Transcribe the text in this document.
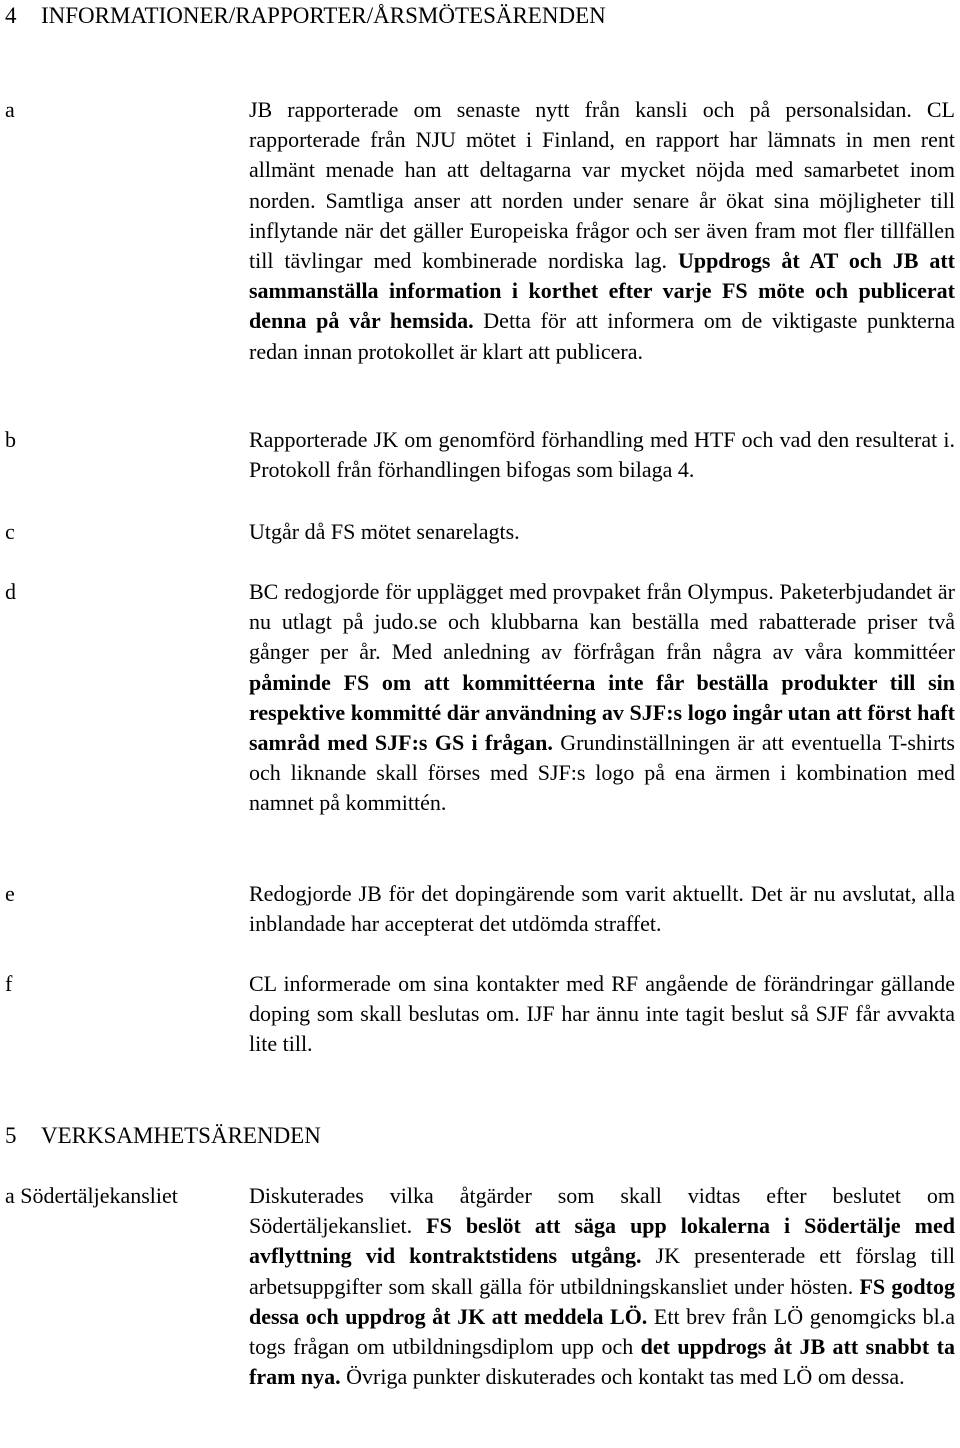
4 INFORMATIONER/RAPPORTER/ÅRSMÖTESÄRENDEN
a	JB rapporterade om senaste nytt från kansli och på personalsidan. CL rapporterade från NJU mötet i Finland, en rapport har lämnats in men rent allmänt menade han att deltagarna var mycket nöjda med samarbetet inom norden. Samtliga anser att norden under senare år ökat sina möjligheter till inflytande när det gäller Europeiska frågor och ser även fram mot fler tillfällen till tävlingar med kombinerade nordiska lag. Uppdrogs åt AT och JB att sammanställa information i korthet efter varje FS möte och publicerat denna på vår hemsida. Detta för att informera om de viktigaste punkterna redan innan protokollet är klart att publicera.
b	Rapporterade JK om genomförd förhandling med HTF och vad den resulterat i. Protokoll från förhandlingen bifogas som bilaga 4.
c	Utgår då FS mötet senarelagts.
d	BC redogjorde för upplägget med provpaket från Olympus. Paketerbjudandet är nu utlagt på judo.se och klubbarna kan beställa med rabatterade priser två gånger per år. Med anledning av förfrågan från några av våra kommittéer påminde FS om att kommittéerna inte får beställa produkter till sin respektive kommitté där användning av SJF:s logo ingår utan att först haft samråd med SJF:s GS i frågan. Grundinställningen är att eventuella T-shirts och liknande skall förses med SJF:s logo på ena ärmen i kombination med namnet på kommittén.
e	Redogjorde JB för det dopingärende som varit aktuellt. Det är nu avslutat, alla inblandade har accepterat det utdömda straffet.
f	CL informerade om sina kontakter med RF angående de förändringar gällande doping som skall beslutas om. IJF har ännu inte tagit beslut så SJF får avvakta lite till.
5 VERKSAMHETSÄRENDEN
a Södertäljekansliet	Diskuterades vilka åtgärder som skall vidtas efter beslutet om Södertäljekansliet. FS beslöt att säga upp lokalerna i Södertälje med avflyttning vid kontraktstidens utgång. JK presenterade ett förslag till arbetsuppgifter som skall gälla för utbildningskansliet under hösten. FS godtog dessa och uppdrog åt JK att meddela LÖ. Ett brev från LÖ genomgicks bl.a togs frågan om utbildningsdiplom upp och det uppdrogs åt JB att snabbt ta fram nya. Övriga punkter diskuterades och kontakt tas med LÖ om dessa.
